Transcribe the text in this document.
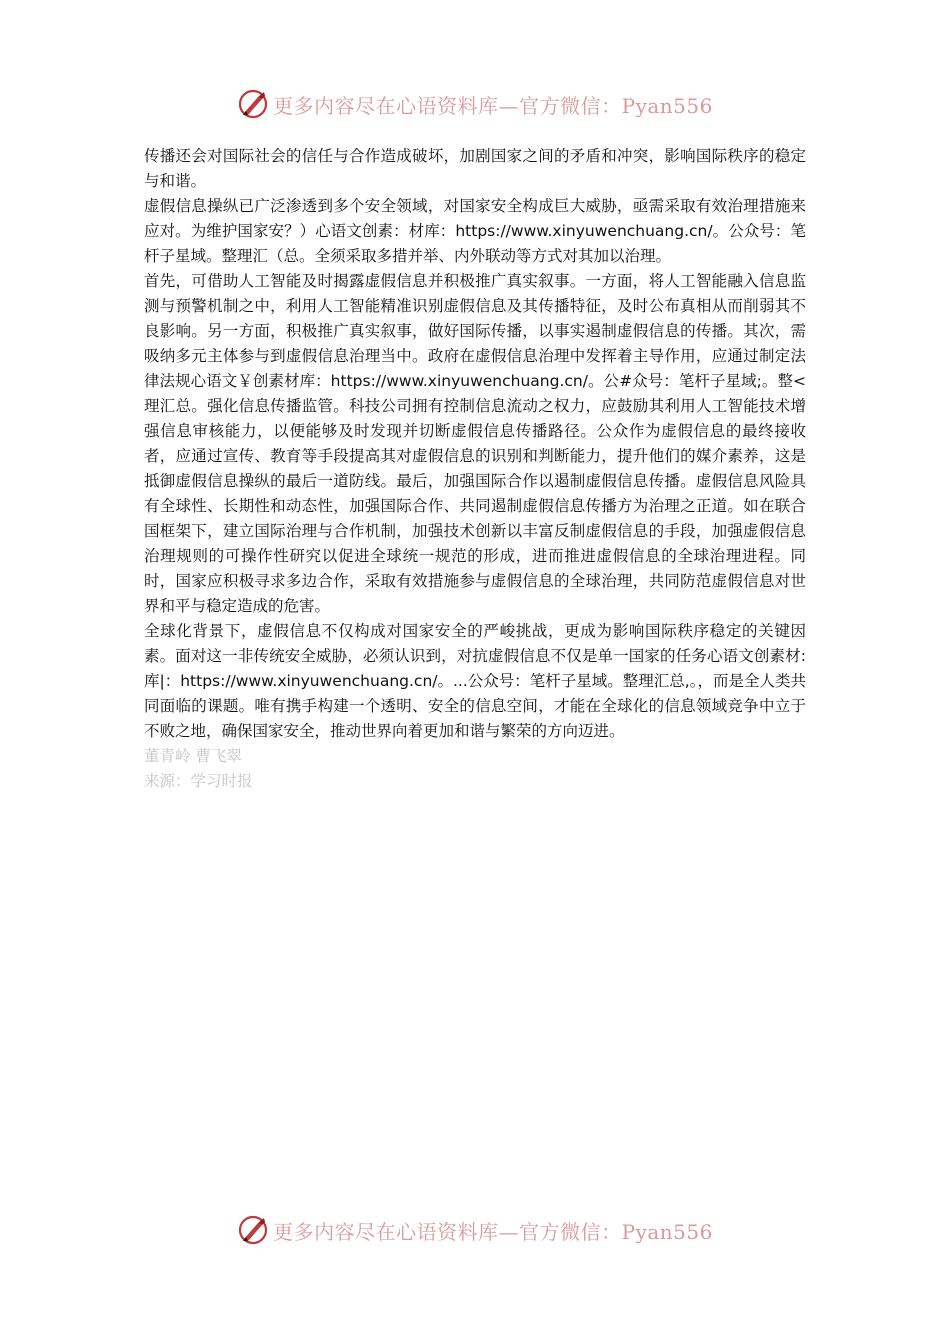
更多内容尽在心语资料库—官方微信：Pyan556

传播还会对国际社会的信任与合作造成破坏，加剧国家之间的矛盾和冲突，影响国际秩序的稳定与和谐。

虚假信息操纵已广泛渗透到多个安全领域，对国家安全构成巨大威胁，亟需采取有效治理措施来应对。为维护国家安？）心语文创素：材库：https://www.xinyuwenchuang.cn/。公众号：笔杆子星域。整理汇（总。全须采取多措并举、内外联动等方式对其加以治理。

首先，可借助人工智能及时揭露虚假信息并积极推广真实叙事。一方面，将人工智能融入信息监测与预警机制之中，利用人工智能精准识别虚假信息及其传播特征，及时公布真相从而削弱其不良影响。另一方面，积极推广真实叙事，做好国际传播，以事实遏制虚假信息的传播。其次，需吸纳多元主体参与到虚假信息治理当中。政府在虚假信息治理中发挥着主导作用，应通过制定法律法规心语文￥创素材库：https://www.xinyuwenchuang.cn/。公#众号：笔杆子星域;。整<理汇总。强化信息传播监管。科技公司拥有控制信息流动之权力，应鼓励其利用人工智能技术增强信息审核能力，以便能够及时发现并切断虚假信息传播路径。公众作为虚假信息的最终接收者，应通过宣传、教育等手段提高其对虚假信息的识别和判断能力，提升他们的媒介素养，这是抵御虚假信息操纵的最后一道防线。最后，加强国际合作以遏制虚假信息传播。虚假信息风险具有全球性、长期性和动态性，加强国际合作、共同遏制虚假信息传播方为治理之正道。如在联合国框架下，建立国际治理与合作机制，加强技术创新以丰富反制虚假信息的手段，加强虚假信息治理规则的可操作性研究以促进全球统一规范的形成，进而推进虚假信息的全球治理进程。同时，国家应积极寻求多边合作，采取有效措施参与虚假信息的全球治理，共同防范虚假信息对世界和平与稳定造成的危害。

全球化背景下，虚假信息不仅构成对国家安全的严峻挑战，更成为影响国际秩序稳定的关键因素。面对这一非传统安全威胁，必须认识到，对抗虚假信息不仅是单一国家的任务心语文创素材:库|：https://www.xinyuwenchuang.cn/。...公众号：笔杆子星域。整理汇总,。，而是全人类共同面临的课题。唯有携手构建一个透明、安全的信息空间，才能在全球化的信息领域竞争中立于不败之地，确保国家安全，推动世界向着更加和谐与繁荣的方向迈进。

董青岭 曹飞翠

来源：学习时报

更多内容尽在心语资料库—官方微信：Pyan556
